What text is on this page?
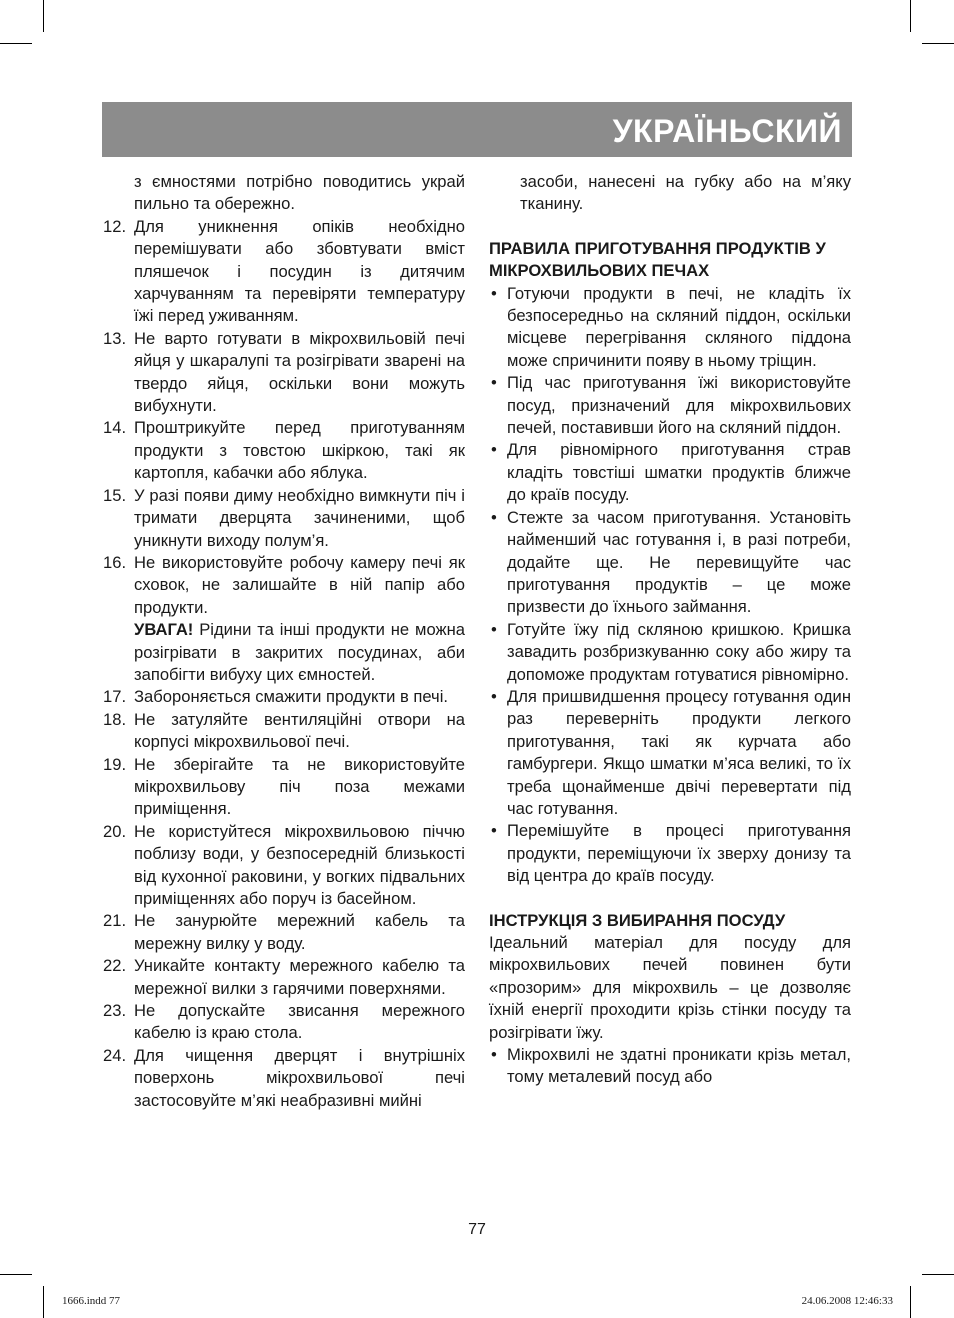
УКРАЇНЬСКИЙ

з ємностями потрібно поводитись украй пильно та обережно.

12. Для уникнення опіків необхідно перемішувати або збовтувати вміст пляшечок і посудин із дитячим харчуванням та перевіряти температуру їжі перед уживанням.
13. Не варто готувати в мікрохвильовій печі яйця у шкаралупі та розігрівати зварені на твердо яйця, оскільки вони можуть вибухнути.
14. Проштрикуйте перед приготуванням продукти з товстою шкіркою, такі як картопля, кабачки або яблука.
15. У разі появи диму необхідно вимкнути піч і тримати дверцята зачиненими, щоб уникнути виходу полум’я.
16. Не використовуйте робочу камеру печі як сховок, не залишайте в ній папір або продукти.

УВАГА! Рідини та інші продукти не можна розігрівати в закритих посудинах, аби запобігти вибуху цих ємностей.

17. Забороняється смажити продукти в печі.
18. Не затуляйте вентиляційні отвори на корпусі мікрохвильової печі.
19. Не зберігайте та не використовуйте мікрохвильову піч поза межами приміщення.
20. Не користуйтеся мікрохвильовою піччю поблизу води, у безпосередній близькості від кухонної раковини, у вогких підвальних приміщеннях або поруч із басейном.
21. Не занурюйте мережний кабель та мережну вилку у воду.
22. Уникайте контакту мережного кабелю та мережної вилки з гарячими поверхнями.
23. Не допускайте звисання мережного кабелю із краю стола.
24. Для чищення дверцят і внутрішніх поверхонь мікрохвильової печі застосовуйте м’які неабразивні мийні

засоби, нанесені на губку або на м’яку тканину.

ПРАВИЛА ПРИГОТУВАННЯ ПРОДУКТІВ У МІКРОХВИЛЬОВИХ ПЕЧАХ

• Готуючи продукти в печі, не кладіть їх безпосередньо на скляний піддон, оскільки місцеве перегрівання скляного піддона може спричинити появу в ньому тріщин.
• Під час приготування їжі використовуйте посуд, призначений для мікрохвильових печей, поставивши його на скляний піддон.
• Для рівномірного приготування страв кладіть товстіші шматки продуктів ближче до країв посуду.
• Стежте за часом приготування. Установіть найменший час готування і, в разі потреби, додайте ще. Не перевищуйте час приготування продуктів – це може призвести до їхнього займання.
• Готуйте їжу під скляною кришкою. Кришка завадить розбризкуванню соку або жиру та допоможе продуктам готуватися рівномірно.
• Для пришвидшення процесу готування один раз переверніть продукти легкого приготування, такі як курчата або гамбургери. Якщо шматки м’яса великі, то їх треба щонайменше двічі перевертати під час готування.
• Перемішуйте в процесі приготування продукти, переміщуючи їх зверху донизу та від центра до країв посуду.

ІНСТРУКЦІЯ З ВИБИРАННЯ ПОСУДУ

Ідеальний матеріал для посуду для мікрохвильових печей повинен бути «прозорим» для мікрохвиль – це дозволяє їхній енергії проходити крізь стінки посуду та розігрівати їжу.

• Мікрохвилі не здатні проникати крізь метал, тому металевий посуд або
77
1666.indd 77	24.06.2008 12:46:33
